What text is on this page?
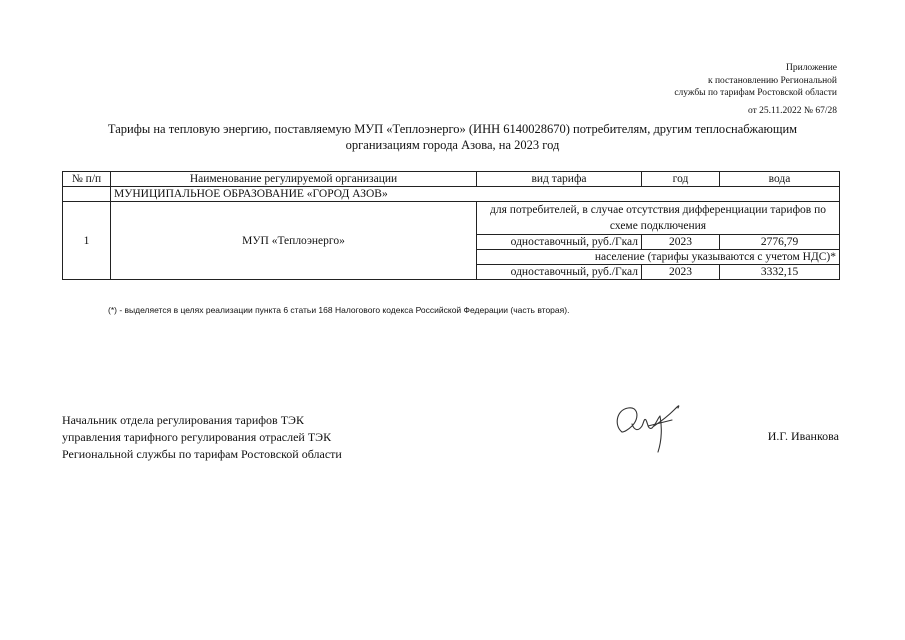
Приложение
к постановлению Региональной
службы по тарифам Ростовской области
от 25.11.2022 № 67/28
Тарифы на тепловую энергию, поставляемую МУП «Теплоэнерго» (ИНН 6140028670) потребителям, другим теплоснабжающим
организациям города Азова, на 2023 год
№ п/п	Наименование регулируемой организации	вид тарифа	год	вода
	МУНИЦИПАЛЬНОЕ ОБРАЗОВАНИЕ «ГОРОД АЗОВ»			
1	МУП «Теплоэнерго»	для потребителей, в случае отсутствия дифференциации тарифов по схеме подключения		
		одноставочный, руб./Гкал	2023	2776,79
		население (тарифы указываются с учетом НДС)*		
		одноставочный, руб./Гкал	2023	3332,15
(*) - выделяется в целях реализации пункта 6 статьи 168 Налогового кодекса Российской Федерации (часть вторая).
Начальник отдела регулирования тарифов ТЭК
управления тарифного регулирования отраслей ТЭК
Региональной службы по тарифам Ростовской области
И.Г. Иванкова
